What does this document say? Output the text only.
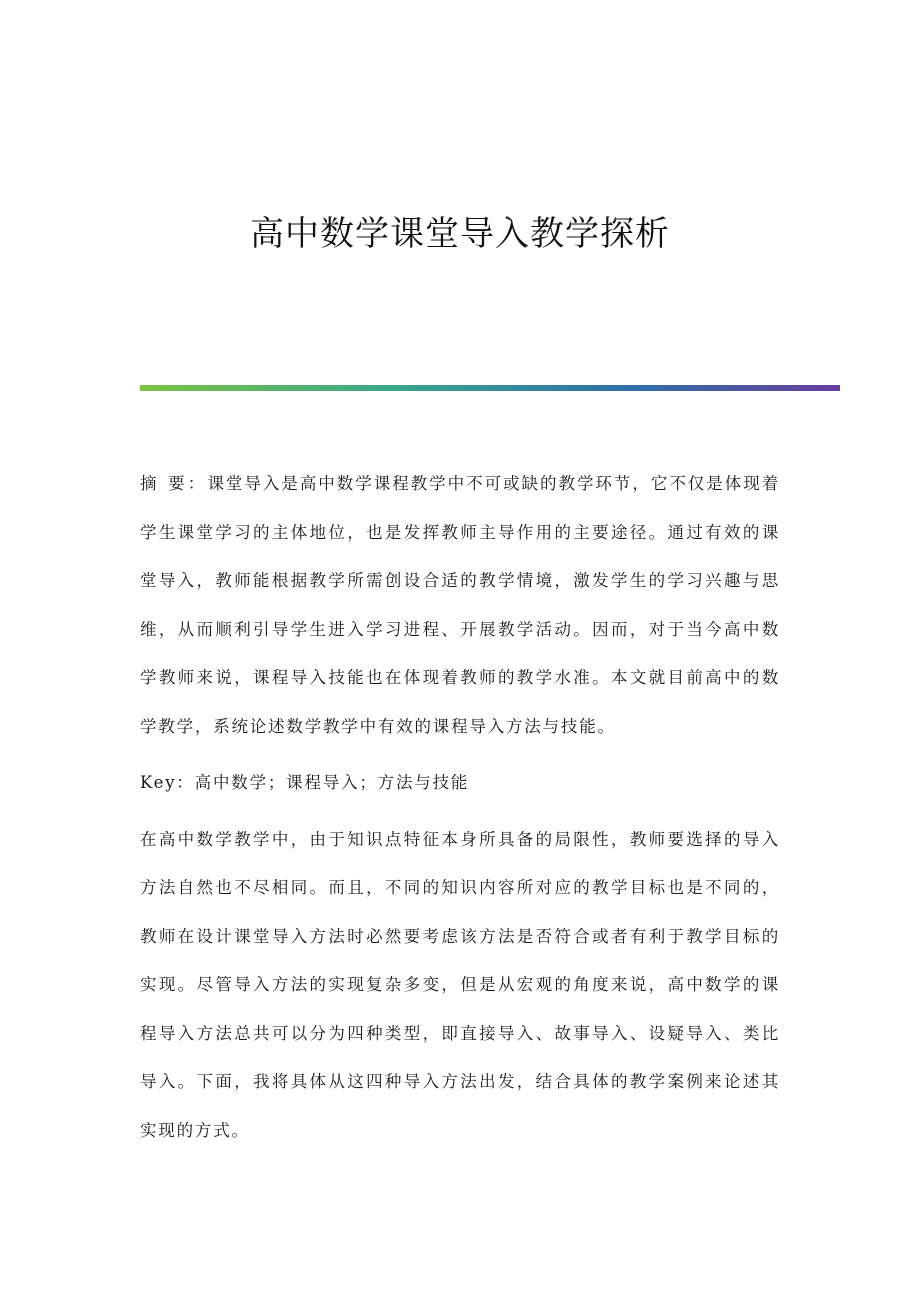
高中数学课堂导入教学探析

摘 要：课堂导入是高中数学课程教学中不可或缺的教学环节，它不仅是体现着学生课堂学习的主体地位，也是发挥教师主导作用的主要途径。通过有效的课堂导入，教师能根据教学所需创设合适的教学情境，激发学生的学习兴趣与思维，从而顺利引导学生进入学习进程、开展教学活动。因而，对于当今高中数学教师来说，课程导入技能也在体现着教师的教学水准。本文就目前高中的数学教学，系统论述数学教学中有效的课程导入方法与技能。

Key：高中数学；课程导入；方法与技能

在高中数学教学中，由于知识点特征本身所具备的局限性，教师要选择的导入方法自然也不尽相同。而且，不同的知识内容所对应的教学目标也是不同的，教师在设计课堂导入方法时必然要考虑该方法是否符合或者有利于教学目标的实现。尽管导入方法的实现复杂多变，但是从宏观的角度来说，高中数学的课程导入方法总共可以分为四种类型，即直接导入、故事导入、设疑导入、类比导入。下面，我将具体从这四种导入方法出发，结合具体的教学案例来论述其实现的方式。
